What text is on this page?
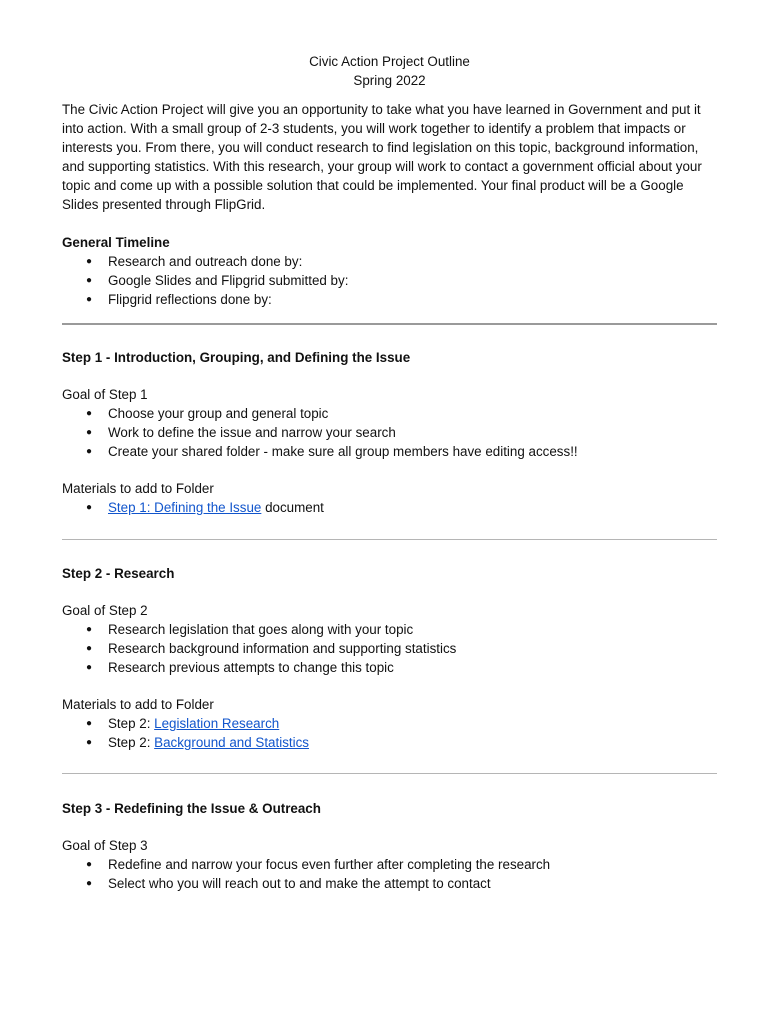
Civic Action Project Outline

Spring 2022

The Civic Action Project will give you an opportunity to take what you have learned in Government and put it into action. With a small group of 2-3 students, you will work together to identify a problem that impacts or interests you. From there, you will conduct research to find legislation on this topic, background information, and supporting statistics. With this research, your group will work to contact a government official about your topic and come up with a possible solution that could be implemented. Your final product will be a Google Slides presented through FlipGrid.

General Timeline

● Research and outreach done by:
● Google Slides and Flipgrid submitted by:
● Flipgrid reflections done by:

Step 1 - Introduction, Grouping, and Defining the Issue

Goal of Step 1

● Choose your group and general topic
● Work to define the issue and narrow your search
● Create your shared folder - make sure all group members have editing access!!

Materials to add to Folder

● Step 1: Defining the Issue document

Step 2 - Research

Goal of Step 2

● Research legislation that goes along with your topic
● Research background information and supporting statistics
● Research previous attempts to change this topic

Materials to add to Folder

● Step 2: Legislation Research
● Step 2: Background and Statistics

Step 3 - Redefining the Issue & Outreach

Goal of Step 3

● Redefine and narrow your focus even further after completing the research
● Select who you will reach out to and make the attempt to contact
